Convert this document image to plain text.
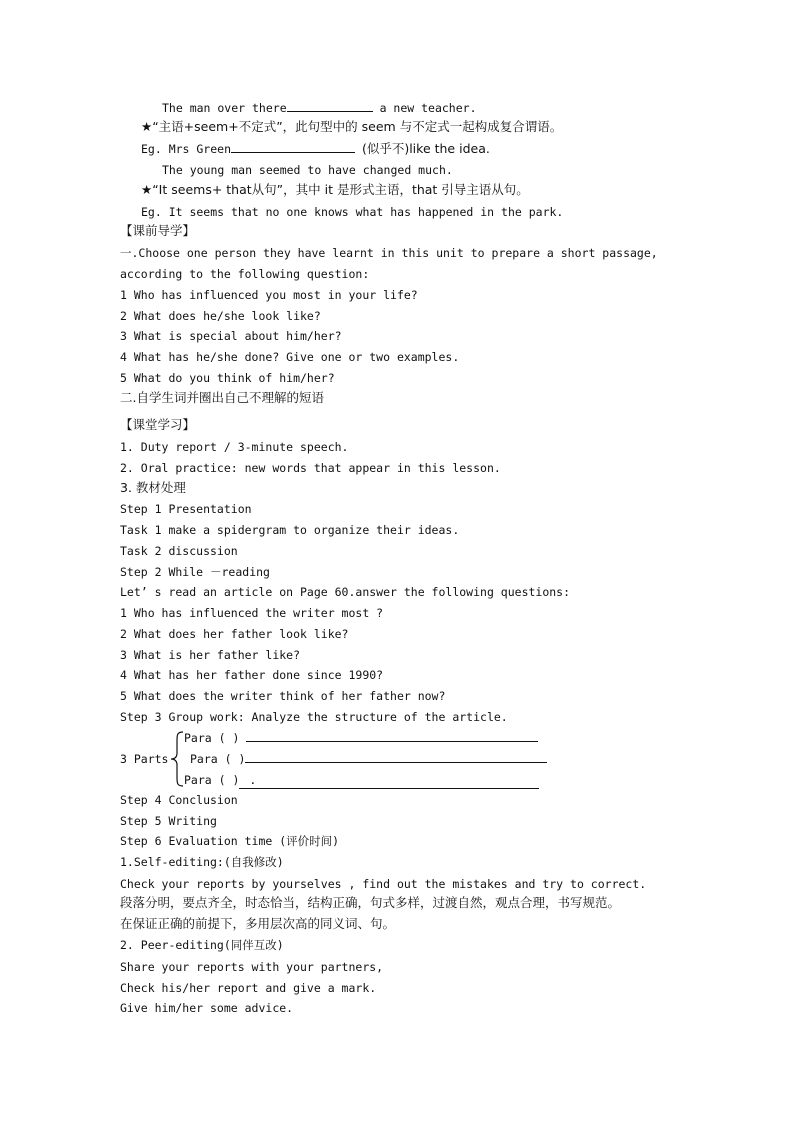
The man over there	a new teacher.
★“主语+seem+不定式”，此句型中的 seem 与不定式一起构成复合谓语。
Eg. Mrs Green	(似乎不)like the idea.
The young man seemed to have changed much.
★“It seems+ that从句”，其中 it 是形式主语，that 引导主语从句。
Eg. It seems that no one knows what has happened in the park.
【课前导学】
一.Choose one person they have learnt in this unit to prepare a short passage,
according to the following question:
1 Who has influenced you most in your life?
2 What does he/she look like?
3 What is special about him/her?
4 What has he/she done? Give one or two examples.
5 What do you think of him/her?
二.自学生词并圈出自己不理解的短语
【课堂学习】
1. Duty report / 3-minute speech.
2. Oral practice: new words that appear in this lesson.
3. 教材处理
Step 1 Presentation
Task 1 make a spidergram to organize their ideas.
Task 2 discussion
Step 2 While －reading
Let’ s read an article on Page 60.answer the following questions:
1 Who has influenced the writer most ?
2 What does her father look like?
3 What is her father like?
4 What has her father done since 1990?
5 What does the writer think of her father now?
Step 3 Group work: Analyze the structure of the article.
3 Parts
Para ( )
Para ( )
Para ( ) .
Step 4 Conclusion
Step 5 Writing
Step 6 Evaluation time (评价时间)
1.Self-editing:(自我修改)
Check your reports by yourselves , find out the mistakes and try to correct.
段落分明，要点齐全，时态恰当，结构正确，句式多样，过渡自然，观点合理，书写规范。
在保证正确的前提下，多用层次高的同义词、句。
2. Peer-editing(同伴互改)
Share your reports with your partners,
Check his/her report and give a mark.
Give him/her some advice.
